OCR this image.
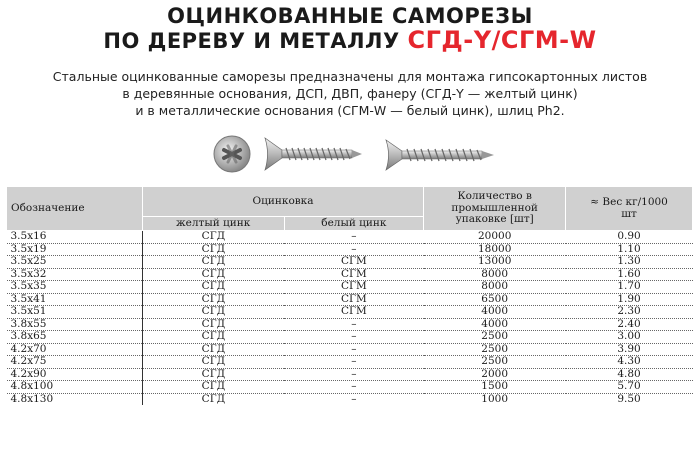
ОЦИНКОВАННЫЕ САМОРЕЗЫ
ПО ДЕРЕВУ И МЕТАЛЛУ СГД-Y/СГМ-W
Стальные оцинкованные саморезы предназначены для монтажа гипсокартонных листов
в деревянные основания, ДСП, ДВП, фанеру (СГД-Y — желтый цинк)
и в металлические основания (СГМ-W — белый цинк), шлиц Ph2.
Обозначение	Оцинковка		Количество в промышленной упаковке [шт]	≈ Вес кг/1000 шт
	желтый цинк	белый цинк		
3.5x16	СГД	–	20000	0.90
3.5x19	СГД	–	18000	1.10
3.5x25	СГД	СГМ	13000	1.30
3.5x32	СГД	СГМ	8000	1.60
3.5x35	СГД	СГМ	8000	1.70
3.5x41	СГД	СГМ	6500	1.90
3.5x51	СГД	СГМ	4000	2.30
3.8x55	СГД	–	4000	2.40
3.8x65	СГД	–	2500	3.00
4.2x70	СГД	–	2500	3.90
4.2x75	СГД	–	2500	4.30
4.2x90	СГД	–	2000	4.80
4.8x100	СГД	–	1500	5.70
4.8x130	СГД	–	1000	9.50
